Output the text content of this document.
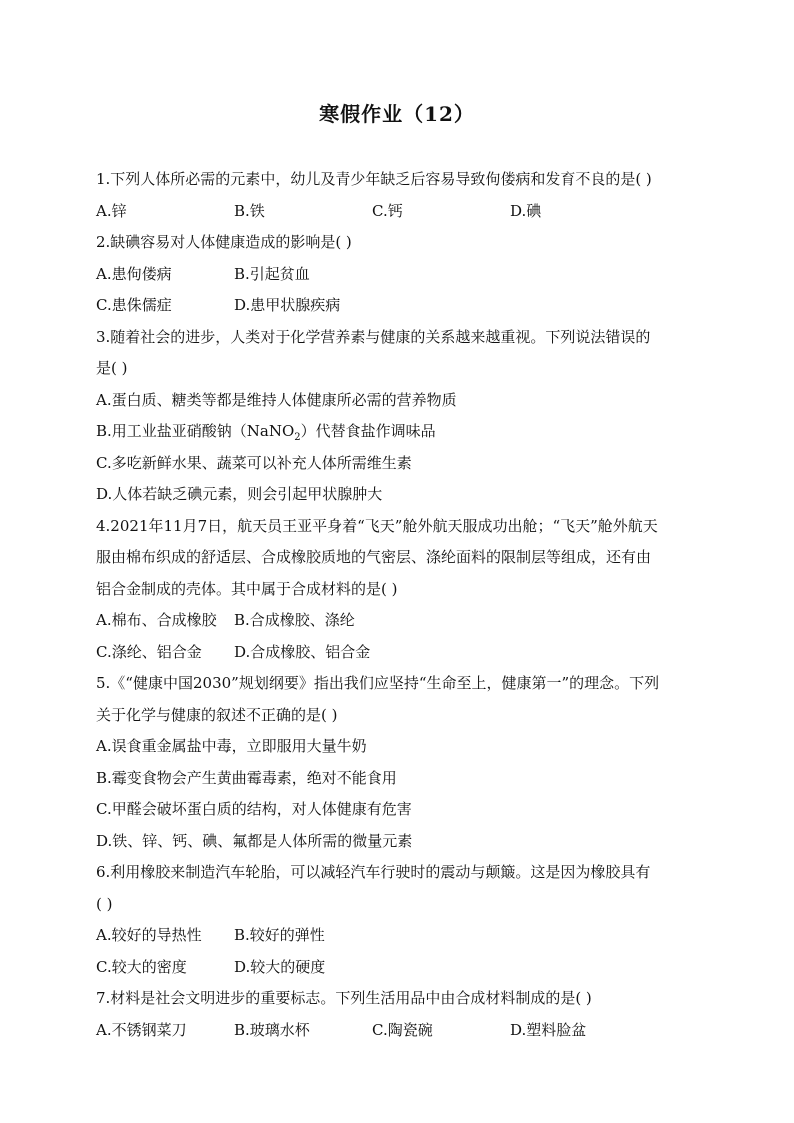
寒假作业（12）
1.下列人体所必需的元素中，幼儿及青少年缺乏后容易导致佝偻病和发育不良的是( )
A.锌	B.铁	C.钙	D.碘
2.缺碘容易对人体健康造成的影响是( )
A.患佝偻病	B.引起贫血
C.患侏儒症	D.患甲状腺疾病
3.随着社会的进步，人类对于化学营养素与健康的关系越来越重视。下列说法错误的
是( )
A.蛋白质、糖类等都是维持人体健康所必需的营养物质
B.用工业盐亚硝酸钠（NaNO$_2$）代替食盐作调味品
C.多吃新鲜水果、蔬菜可以补充人体所需维生素
D.人体若缺乏碘元素，则会引起甲状腺肿大
4.2021年11月7日，航天员王亚平身着“飞天”舱外航天服成功出舱；“飞天”舱外航天
服由棉布织成的舒适层、合成橡胶质地的气密层、涤纶面料的限制层等组成，还有由
铝合金制成的壳体。其中属于合成材料的是( )
A.棉布、合成橡胶	B.合成橡胶、涤纶
C.涤纶、铝合金	D.合成橡胶、铝合金
5.《“健康中国2030”规划纲要》指出我们应坚持“生命至上，健康第一”的理念。下列
关于化学与健康的叙述不正确的是( )
A.误食重金属盐中毒，立即服用大量牛奶
B.霉变食物会产生黄曲霉毒素，绝对不能食用
C.甲醛会破坏蛋白质的结构，对人体健康有危害
D.铁、锌、钙、碘、氟都是人体所需的微量元素
6.利用橡胶来制造汽车轮胎，可以减轻汽车行驶时的震动与颠簸。这是因为橡胶具有
( )
A.较好的导热性	B.较好的弹性
C.较大的密度	D.较大的硬度
7.材料是社会文明进步的重要标志。下列生活用品中由合成材料制成的是( )
A.不锈钢菜刀	B.玻璃水杯	C.陶瓷碗	D.塑料脸盆
